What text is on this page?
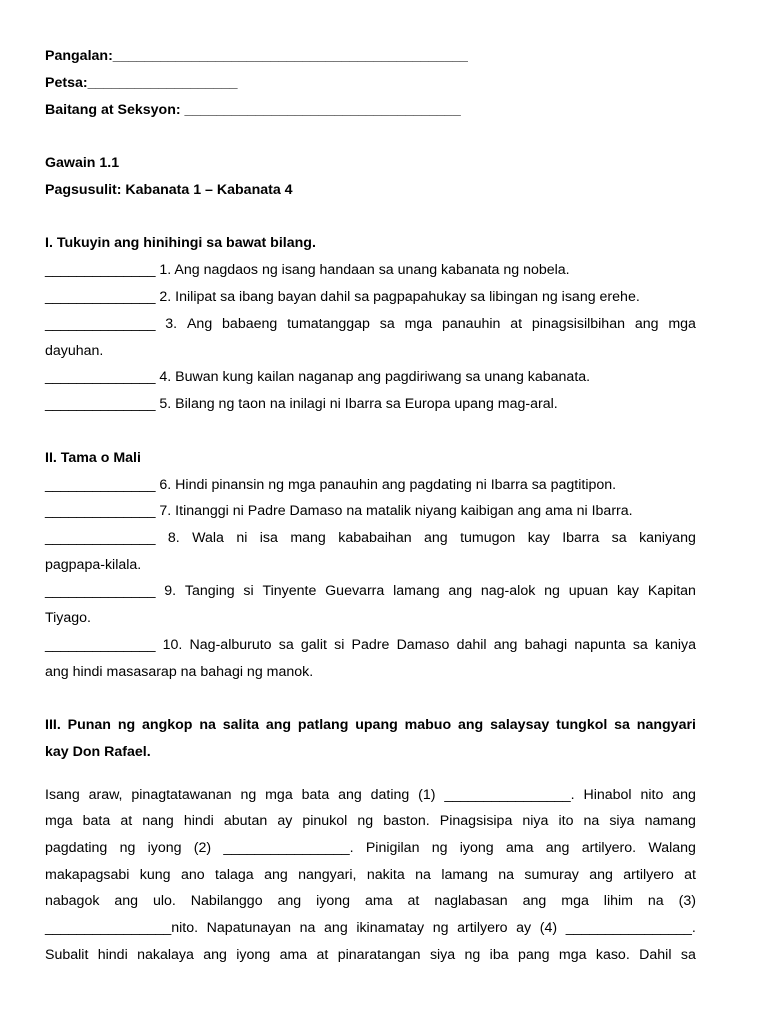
Pangalan:_____________________________________________
Petsa:___________________
Baitang at Seksyon: ___________________________________
Gawain 1.1
Pagsusulit: Kabanata 1 – Kabanata 4
I. Tukuyin ang hinihingi sa bawat bilang.
______________ 1. Ang nagdaos ng isang handaan sa unang kabanata ng nobela.
______________ 2. Inilipat sa ibang bayan dahil sa pagpapahukay sa libingan ng isang erehe.
______________ 3. Ang babaeng tumatanggap sa mga panauhin at pinagsisilbihan ang mga
dayuhan.
______________ 4. Buwan kung kailan naganap ang pagdiriwang sa unang kabanata.
______________ 5. Bilang ng taon na inilagi ni Ibarra sa Europa upang mag-aral.
II. Tama o Mali
______________ 6. Hindi pinansin ng mga panauhin ang pagdating ni Ibarra sa pagtitipon.
______________ 7. Itinanggi ni Padre Damaso na matalik niyang kaibigan ang ama ni Ibarra.
______________ 8. Wala ni isa mang kababaihan ang tumugon kay Ibarra sa kaniyang
pagpapa-kilala.
______________ 9. Tanging si Tinyente Guevarra lamang ang nag-alok ng upuan kay Kapitan
Tiyago.
______________ 10. Nag-alburuto sa galit si Padre Damaso dahil ang bahagi napunta sa kaniya
ang hindi masasarap na bahagi ng manok.
III. Punan ng angkop na salita ang patlang upang mabuo ang salaysay tungkol sa nangyari
kay Don Rafael.
Isang araw, pinagtatawanan ng mga bata ang dating (1) ________________. Hinabol nito ang
mga bata at nang hindi abutan ay pinukol ng baston. Pinagsisipa niya ito na siya namang
pagdating ng iyong (2) ________________. Pinigilan ng iyong ama ang artilyero. Walang
makapagsabi kung ano talaga ang nangyari, nakita na lamang na sumuray ang artilyero at
nabagok ang ulo. Nabilanggo ang iyong ama at naglabasan ang mga lihim na (3)
________________nito. Napatunayan na ang ikinamatay ng artilyero ay (4) ________________.
Subalit hindi nakalaya ang iyong ama at pinaratangan siya ng iba pang mga kaso. Dahil sa
